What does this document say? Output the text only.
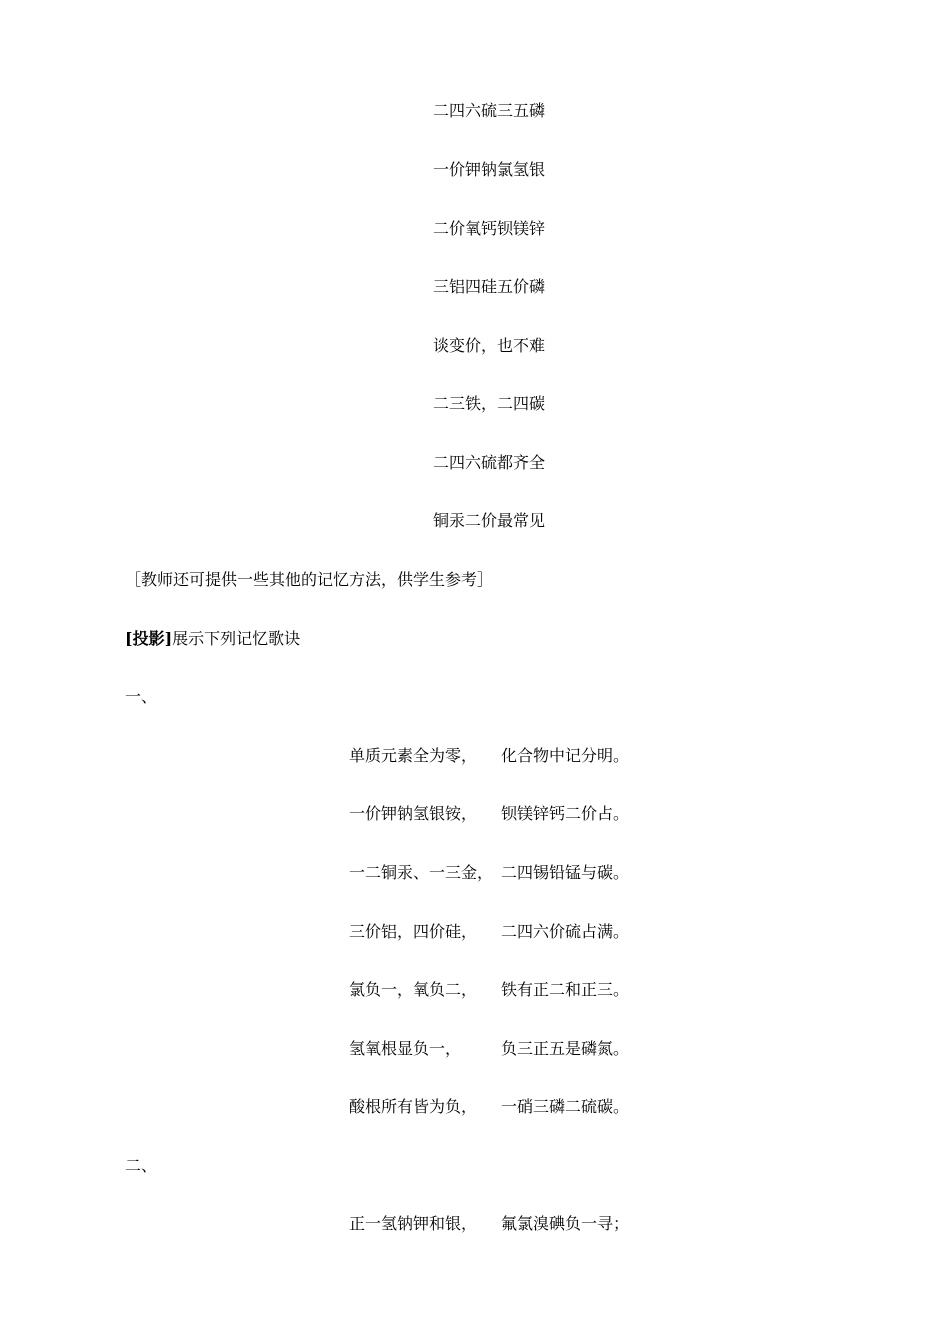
二四六硫三五磷
一价钾钠氯氢银
二价氧钙钡镁锌
三铝四硅五价磷
谈变价，也不难
二三铁，二四碳
二四六硫都齐全
铜汞二价最常见
［教师还可提供一些其他的记忆方法，供学生参考］
[投影]展示下列记忆歌诀
一、
单质元素全为零， 化合物中记分明。
一价钾钠氢银铵， 钡镁锌钙二价占。
一二铜汞、一三金， 二四锡铅锰与碳。
三价铝，四价硅， 二四六价硫占满。
氯负一，氧负二， 铁有正二和正三。
氢氧根显负一， 负三正五是磷氮。
酸根所有皆为负， 一硝三磷二硫碳。
二、
正一氢钠钾和银， 氟氯溴碘负一寻；
